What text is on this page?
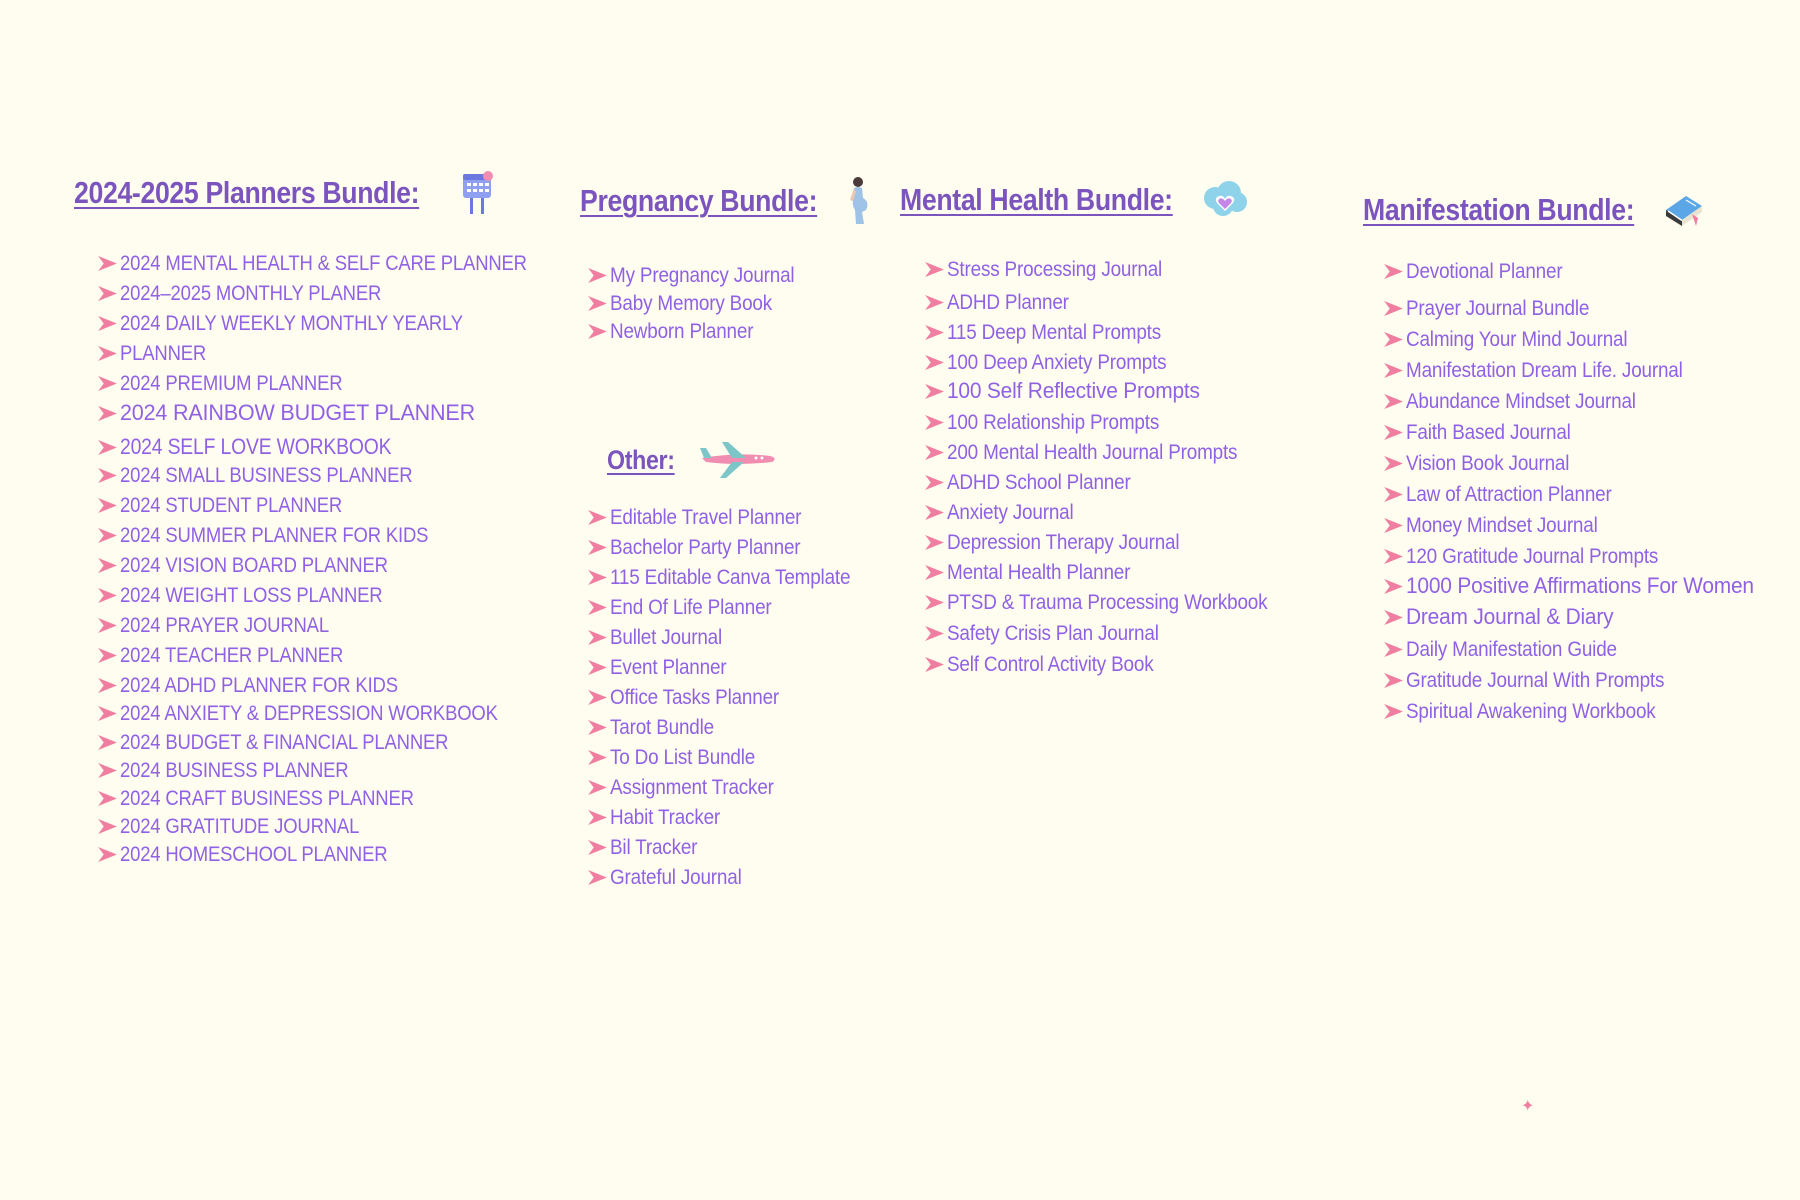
2024-2025 Planners Bundle:
2024 MENTAL HEALTH & SELF CARE PLANNER
2024–2025 MONTHLY PLANER
2024 DAILY WEEKLY MONTHLY YEARLY
PLANNER
2024 PREMIUM PLANNER
2024 RAINBOW BUDGET PLANNER
2024 SELF LOVE WORKBOOK
2024 SMALL BUSINESS PLANNER
2024 STUDENT PLANNER
2024 SUMMER PLANNER FOR KIDS
2024 VISION BOARD PLANNER
2024 WEIGHT LOSS PLANNER
2024 PRAYER JOURNAL
2024 TEACHER PLANNER
2024 ADHD PLANNER FOR KIDS
2024 ANXIETY & DEPRESSION WORKBOOK
2024 BUDGET & FINANCIAL PLANNER
2024 BUSINESS PLANNER
2024 CRAFT BUSINESS PLANNER
2024 GRATITUDE JOURNAL
2024 HOMESCHOOL PLANNER
Pregnancy Bundle:
My Pregnancy Journal
Baby Memory Book
Newborn Planner
Other:
Editable Travel Planner
Bachelor Party Planner
115 Editable Canva Template
End Of Life Planner
Bullet Journal
Event Planner
Office Tasks Planner
Tarot Bundle
To Do List Bundle
Assignment Tracker
Habit Tracker
Bil Tracker
Grateful Journal
Mental Health Bundle:
Stress Processing Journal
ADHD Planner
115 Deep Mental Prompts
100 Deep Anxiety Prompts
100 Self Reflective Prompts
100 Relationship Prompts
200 Mental Health Journal Prompts
ADHD School Planner
Anxiety Journal
Depression Therapy Journal
Mental Health Planner
PTSD & Trauma Processing Workbook
Safety Crisis Plan Journal
Self Control Activity Book
Manifestation Bundle:
Devotional Planner
Prayer Journal Bundle
Calming Your Mind Journal
Manifestation Dream Life. Journal
Abundance Mindset Journal
Faith Based Journal
Vision Book Journal
Law of Attraction Planner
Money Mindset Journal
120 Gratitude Journal Prompts
1000 Positive Affirmations For Women
Dream Journal & Diary
Daily Manifestation Guide
Gratitude Journal With Prompts
Spiritual Awakening Workbook
✦
